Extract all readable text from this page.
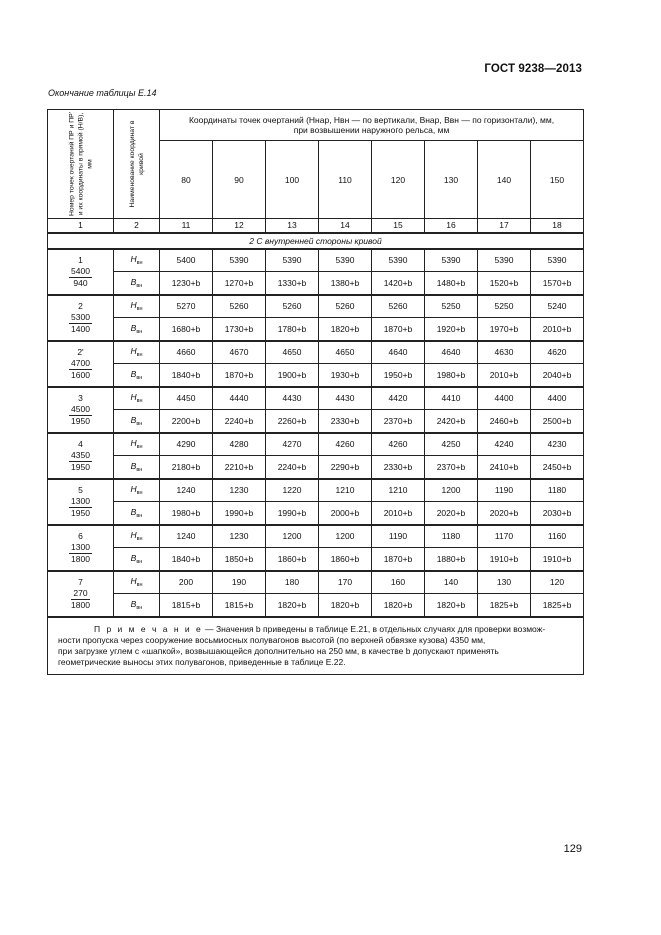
ГОСТ 9238—2013
Окончание таблицы Е.14
Номер точек очертаний ПР и ПР' и их координаты в прямой (H/B), мм	Наименование координат в кривой	Координаты точек очертаний (Hнар, Hвн — по вертикали, Внар, Ввн — по горизонтали), мм,
при возвышении наружного рельса, мм							

		80	90	100	110	120	130	140	150
1	2	11	12	13	14	15	16	17	18
2 С внутренней стороны кривой									

1
5400
940	$H_{вн}$	5400	5390	5390	5390	5390	5390	5390	5390
	$B_{вн}$	1230+b	1270+b	1330+b	1380+b	1420+b	1480+b	1520+b	1570+b

2
5300
1400	$H_{вн}$	5270	5260	5260	5260	5260	5250	5250	5240
	$B_{вн}$	1680+b	1730+b	1780+b	1820+b	1870+b	1920+b	1970+b	2010+b

2'
4700
1600	$H_{вн}$	4660	4670	4650	4650	4640	4640	4630	4620
	$B_{вн}$	1840+b	1870+b	1900+b	1930+b	1950+b	1980+b	2010+b	2040+b

3
4500
1950	$H_{вн}$	4450	4440	4430	4430	4420	4410	4400	4400
	$B_{вн}$	2200+b	2240+b	2260+b	2330+b	2370+b	2420+b	2460+b	2500+b

4
4350
1950	$H_{вн}$	4290	4280	4270	4260	4260	4250	4240	4230
	$B_{вн}$	2180+b	2210+b	2240+b	2290+b	2330+b	2370+b	2410+b	2450+b

5
1300
1950	$H_{вн}$	1240	1230	1220	1210	1210	1200	1190	1180
	$B_{вн}$	1980+b	1990+b	1990+b	2000+b	2010+b	2020+b	2020+b	2030+b

6
1300
1800	$H_{вн}$	1240	1230	1200	1200	1190	1180	1170	1160
	$B_{вн}$	1840+b	1850+b	1860+b	1860+b	1870+b	1880+b	1910+b	1910+b

7
270
1800	$H_{вн}$	200	190	180	170	160	140	130	120
	$B_{вн}$	1815+b	1815+b	1820+b	1820+b	1820+b	1820+b	1825+b	1825+b

П р и м е ч а н и е — Значения b приведены в таблице Е.21, в отдельных случаях для проверки возмож-
ности пропуска через сооружение восьмиосных полувагонов высотой (по верхней обвязке кузова) 4350 мм,
при загрузке углем с «шапкой», возвышающейся дополнительно на 250 мм, в качестве b допускают применять
геометрические выносы этих полувагонов, приведенные в таблице Е.22.									
129
